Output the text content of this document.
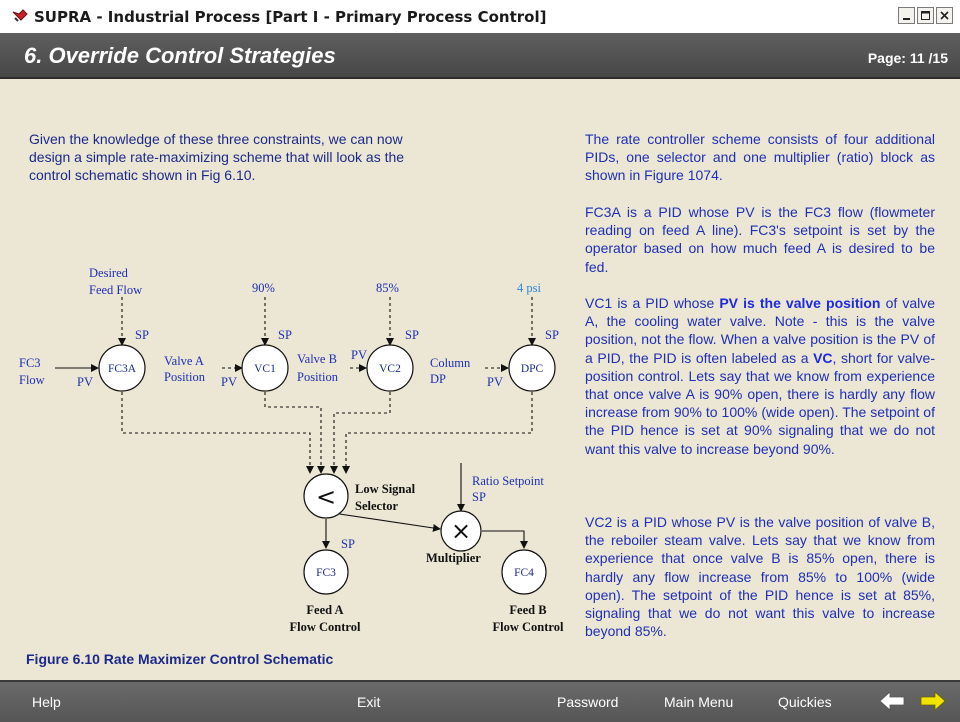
SUPRA - Industrial Process [Part I - Primary Process Control]
6. Override Control Strategies	Page: 11 /15

Given the knowledge of these three constraints, we can now design a simple rate-maximizing scheme that will look as the control schematic shown in Fig 6.10.

The rate controller scheme consists of four additional PIDs, one selector and one multiplier (ratio) block as shown in Figure 1074.

FC3A is a PID whose PV is the FC3 flow (flowmeter reading on feed A line). FC3's setpoint is set by the operator based on how much feed A is desired to be fed.

VC1 is a PID whose PV is the valve position of valve A, the cooling water valve. Note - this is the valve position, not the flow. When a valve position is the PV of a PID, the PID is often labeled as a VC, short for valve-position control. Lets say that we know from experience that once valve A is 90% open, there is hardly any flow increase from 90% to 100% (wide open). The setpoint of the PID hence is set at 90% signaling that we do not want this valve to increase beyond 90%.

VC2 is a PID whose PV is the valve position of valve B, the reboiler steam valve. Lets say that we know from experience that once valve B is 85% open, there is hardly any flow increase from 85% to 100% (wide open). The setpoint of the PID hence is set at 85%, signaling that we do not want this valve to increase beyond 85%.

FC3A	VC1	VC2	DPC
FC3	FC4
<
×
Desired
Feed Flow
SP
FC3
Flow	PV
90%
SP
Valve A
Position PV
85%
SP
Valve B
Position
PV
4 psi
SP
Column
DP	PV
Low Signal
Selector
Ratio Setpoint
SP
Multiplier
SP
Feed A
Flow Control
Feed B
Flow Control
Figure 6.10 Rate Maximizer Control Schematic
Help	Exit	Password	Main Menu	Quickies
